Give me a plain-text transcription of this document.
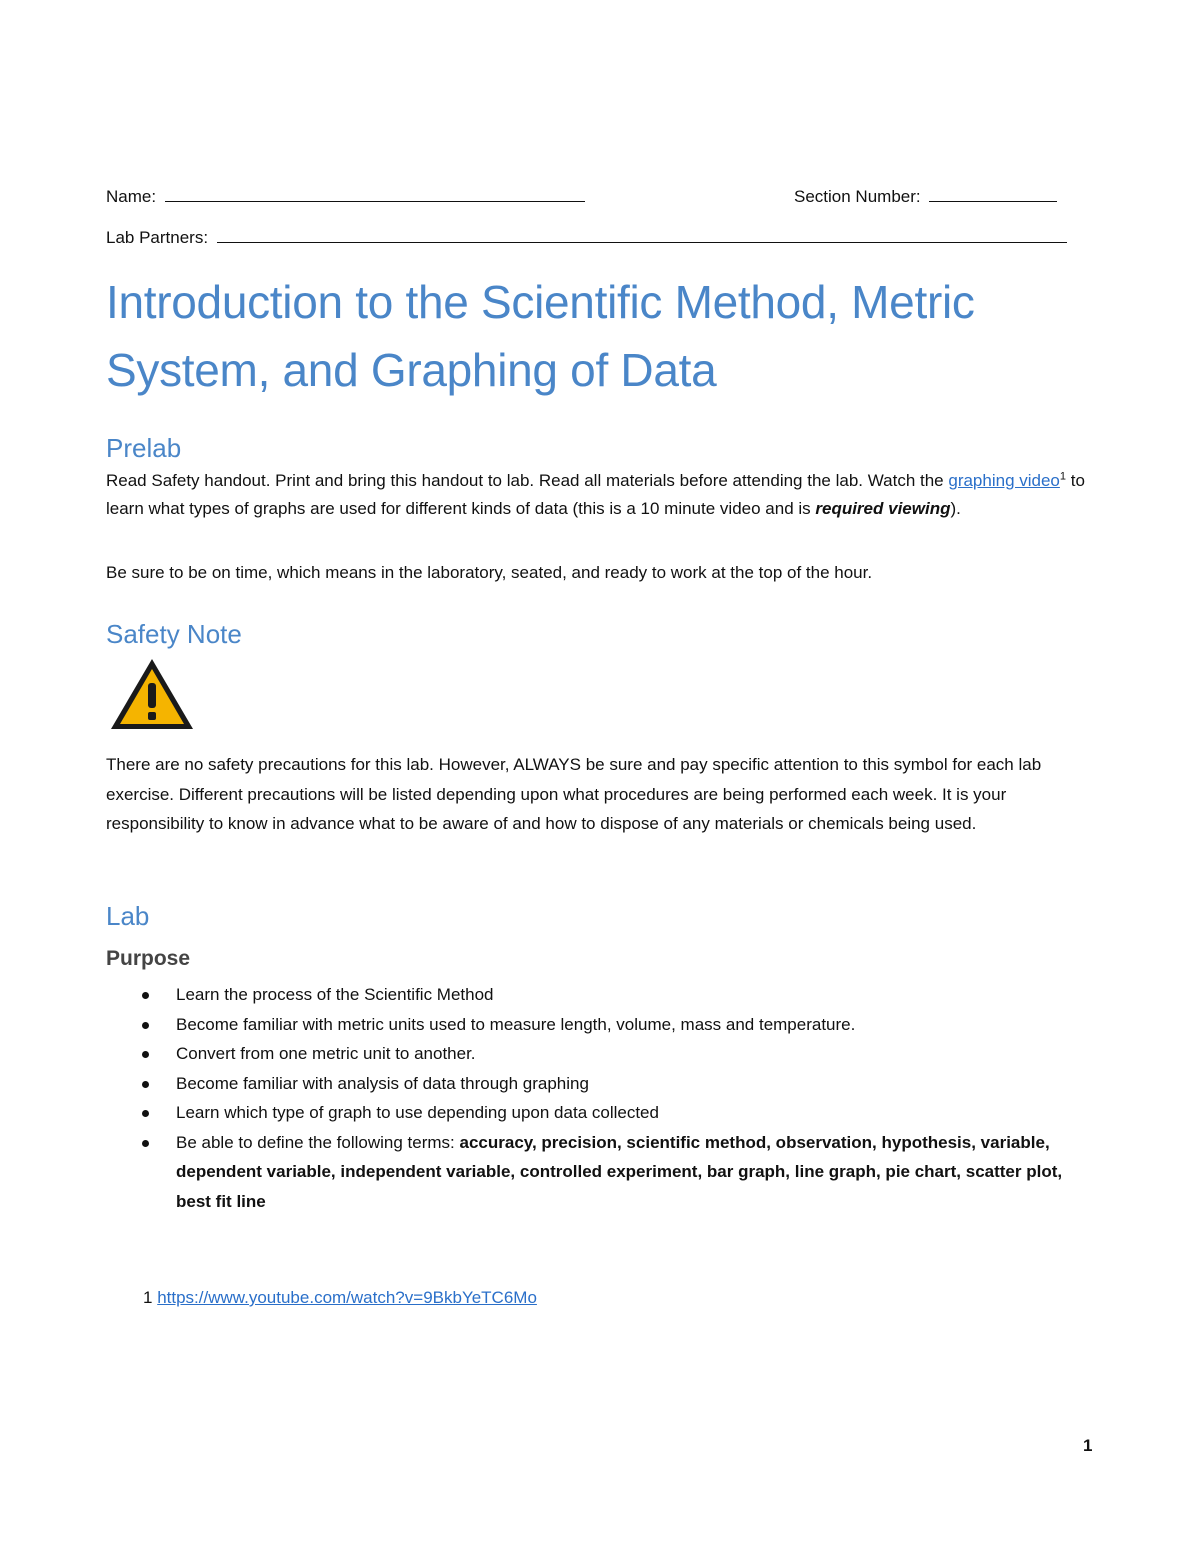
Name:	Section Number:
Lab Partners:
Introduction to the Scientific Method, Metric System, and Graphing of Data
Prelab

Read Safety handout. Print and bring this handout to lab. Read all materials before attending the lab. Watch the graphing video$^1$ to learn what types of graphs are used for different kinds of data (this is a 10 minute video and is required viewing).

Be sure to be on time, which means in the laboratory, seated, and ready to work at the top of the hour.

Safety Note

There are no safety precautions for this lab. However, ALWAYS be sure and pay specific attention to this symbol for each lab exercise. Different precautions will be listed depending upon what procedures are being performed each week. It is your responsibility to know in advance what to be aware of and how to dispose of any materials or chemicals being used.

Lab
Purpose
Learn the process of the Scientific Method
Become familiar with metric units used to measure length, volume, mass and temperature.
Convert from one metric unit to another.
Become familiar with analysis of data through graphing
Learn which type of graph to use depending upon data collected
Be able to define the following terms: accuracy, precision, scientific method, observation, hypothesis, variable, dependent variable, independent variable, controlled experiment, bar graph, line graph, pie chart, scatter plot, best fit line
1 https://www.youtube.com/watch?v=9BkbYeTC6Mo
1
